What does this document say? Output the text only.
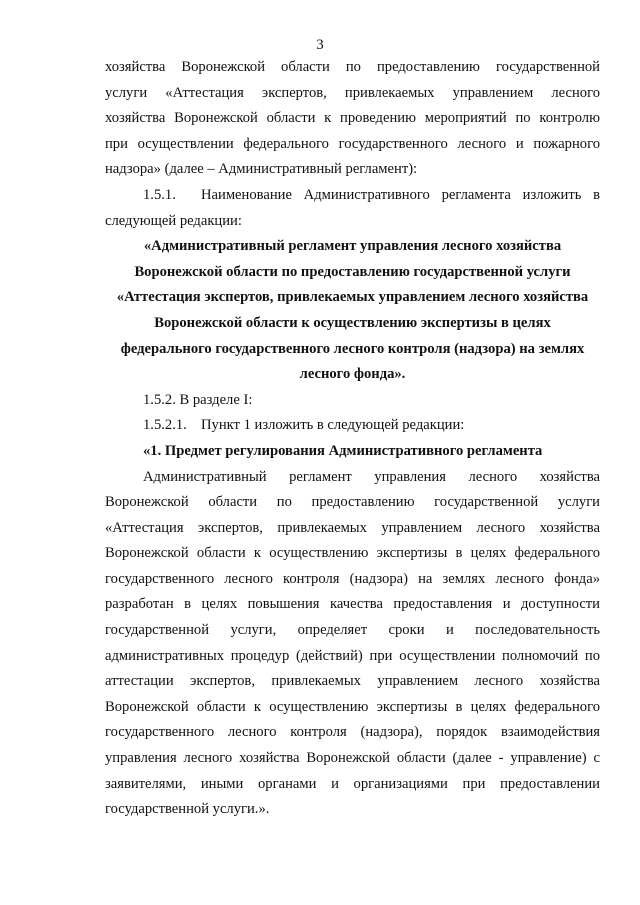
3
хозяйства Воронежской области по предоставлению государственной
услуги «Аттестация экспертов, привлекаемых управлением лесного
хозяйства Воронежской области к проведению мероприятий по контролю
при осуществлении федерального государственного лесного и пожарного
надзора» (далее – Административный регламент):
1.5.1. Наименование Административного регламента изложить в
следующей редакции:
«Административный регламент управления лесного хозяйства
Воронежской области по предоставлению государственной услуги
«Аттестация экспертов, привлекаемых управлением лесного хозяйства
Воронежской области к осуществлению экспертизы в целях
федерального государственного лесного контроля (надзора) на землях
лесного фонда».
1.5.2. В разделе I:
1.5.2.1. Пункт 1 изложить в следующей редакции:
«1. Предмет регулирования Административного регламента
Административный регламент управления лесного хозяйства
Воронежской области по предоставлению государственной услуги
«Аттестация экспертов, привлекаемых управлением лесного хозяйства
Воронежской области к осуществлению экспертизы в целях федерального
государственного лесного контроля (надзора) на землях лесного фонда»
разработан в целях повышения качества предоставления и доступности
государственной услуги, определяет сроки и последовательность
административных процедур (действий) при осуществлении полномочий по
аттестации экспертов, привлекаемых управлением лесного хозяйства
Воронежской области к осуществлению экспертизы в целях федерального
государственного лесного контроля (надзора), порядок взаимодействия
управления лесного хозяйства Воронежской области (далее - управление) с
заявителями, иными органами и организациями при предоставлении
государственной услуги.».
